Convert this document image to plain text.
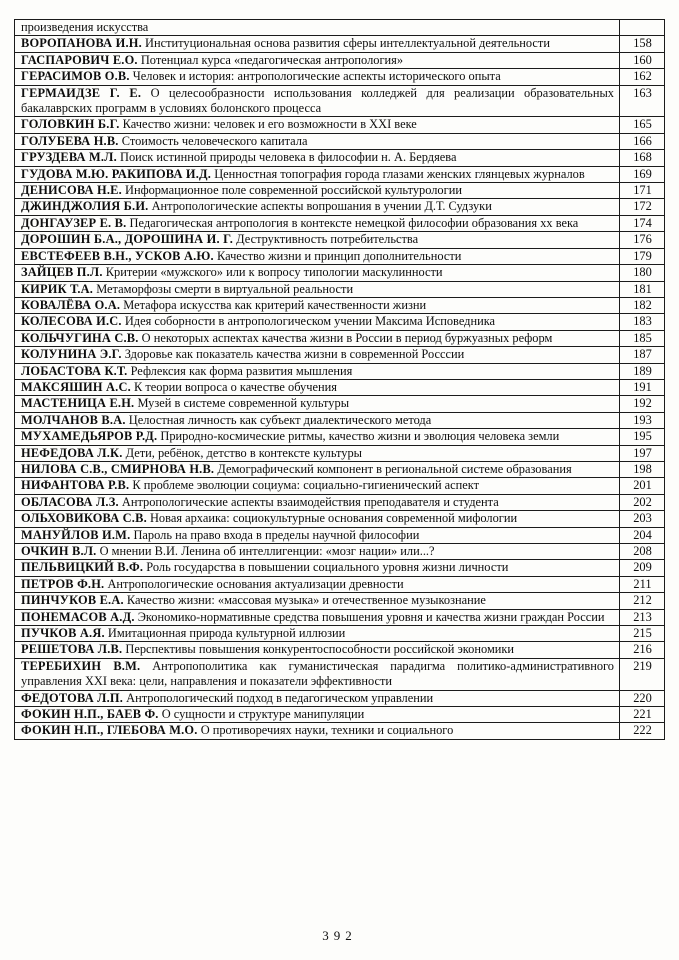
произведения искусства	
ВОРОПАНОВА И.Н. Институциональная основа развития сферы интеллектуальной деятельности	158
ГАСПАРОВИЧ Е.О. Потенциал курса «педагогическая антропология»	160
ГЕРАСИМОВ О.В. Человек и история: антропологические аспекты исторического опыта	162
ГЕРМАИДЗЕ Г. Е. О целесообразности использования колледжей для реализации образовательных бакалаврских программ в условиях болонского процесса	163
ГОЛОВКИН Б.Г. Качество жизни: человек и его возможности в XXI веке	165
ГОЛУБЕВА Н.В. Стоимость человеческого капитала	166
ГРУЗДЕВА М.Л. Поиск истинной природы человека в философии н. А. Бердяева	168
ГУДОВА М.Ю. РАКИПОВА И.Д. Ценностная топография города глазами женских глянцевых журналов	169
ДЕНИСОВА Н.Е. Информационное поле современной российской культурологии	171
ДЖИНДЖОЛИЯ Б.И. Антропологические аспекты вопрошания в учении Д.Т. Судзуки	172
ДОНГАУЗЕР Е. В. Педагогическая антропология в контексте немецкой философии образования xx века	174
ДОРОШИН Б.А., ДОРОШИНА И. Г. Деструктивность потребительства	176
ЕВСТЕФЕЕВ В.Н., УСКОВ А.Ю. Качество жизни и принцип дополнительности	179
ЗАЙЦЕВ П.Л. Критерии «мужского» или к вопросу типологии маскулинности	180
КИРИК Т.А. Метаморфозы смерти в виртуальной реальности	181
КОВАЛЁВА О.А. Метафора искусства как критерий качественности жизни	182
КОЛЕСОВА И.С. Идея соборности в антропологическом учении Максима Исповедника	183
КОЛЬЧУГИНА С.В. О некоторых аспектах качества жизни в России в период буржуазных реформ	185
КОЛУНИНА Э.Г. Здоровье как показатель качества жизни в современной Росссии	187
ЛОБАСТОВА К.Т. Рефлексия как форма развития мышления	189
МАКСЯШИН А.С. К теории вопроса о качестве обучения	191
МАСТЕНИЦА Е.Н. Музей в системе современной культуры	192
МОЛЧАНОВ В.А. Целостная личность как субъект диалектического метода	193
МУХАМЕДЬЯРОВ Р.Д. Природно-космические ритмы, качество жизни и эволюция человека земли	195
НЕФЕДОВА Л.К. Дети, ребёнок, детство в контексте культуры	197
НИЛОВА С.В., СМИРНОВА Н.В. Демографический компонент в региональной системе образования	198
НИФАНТОВА Р.В. К проблеме эволюции социума: социально-гигиенический аспект	201
ОБЛАСОВА Л.З. Антропологические аспекты взаимодействия преподавателя и студента	202
ОЛЬХОВИКОВА С.В. Новая архаика: социокультурные основания современной мифологии	203
МАНУЙЛОВ И.М. Пароль на право входа в пределы научной философии	204
ОЧКИН В.Л. О мнении В.И. Ленина об интеллигенции: «мозг нации» или...?	208
ПЕЛЬВИЦКИЙ В.Ф. Роль государства в повышении социального уровня жизни личности	209
ПЕТРОВ Ф.Н. Антропологические основания актуализации древности	211
ПИНЧУКОВ Е.А. Качество жизни: «массовая музыка» и отечественное музыкознание	212
ПОНЕМАСОВ А.Д. Экономико-нормативные средства повышения уровня и качества жизни граждан России	213
ПУЧКОВ А.Я. Имитационная природа культурной иллюзии	215
РЕШЕТОВА Л.В. Перспективы повышения конкурентоспособности российской экономики	216
ТЕРЕБИХИН В.М. Антропополитика как гуманистическая парадигма политико-административного управления XXI века: цели, направления и показатели эффективности	219
ФЕДОТОВА Л.П. Антропологический подход в педагогическом управлении	220
ФОКИН Н.П., БАЕВ Ф. О сущности и структуре манипуляции	221
ФОКИН Н.П., ГЛЕБОВА М.О. О противоречиях науки, техники и социального	222
392
